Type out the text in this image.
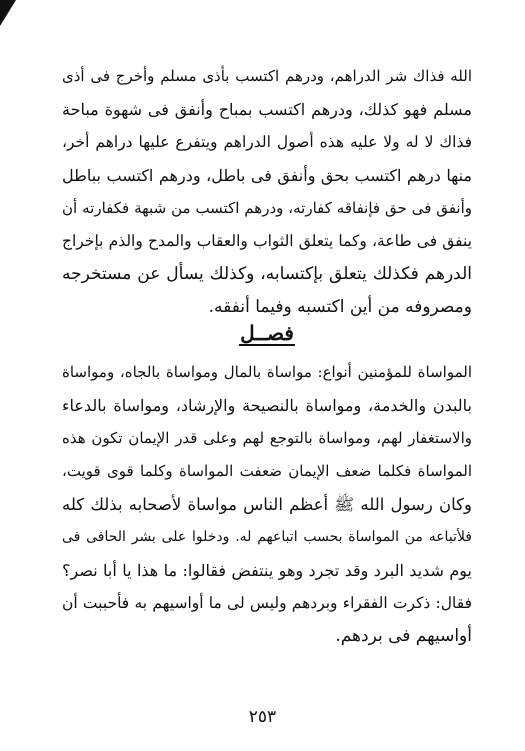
الله فذاك شر الدراهم، ودرهم اكتسب بأذى مسلم وأخرج فى أذى
مسلم فهو كذلك، ودرهم اكتسب بمباح وأنفق فى شهوة مباحة
فذاك لا له ولا عليه هذه أصول الدراهم ويتفرع عليها دراهم أخر،
منها درهم اكتسب بحق وأنفق فى باطل، ودرهم اكتسب بباطل
وأنفق فى حق فإنفاقه كفارته، ودرهم اكتسب من شبهة فكفارته أن
ينفق فى طاعة، وكما يتعلق الثواب والعقاب والمدح والذم بإخراج
الدرهم فكذلك يتعلق بإكتسابه، وكذلك يسأل عن مستخرجه
ومصروفه من أين اكتسبه وفيما أنفقه.
فصــل
المواساة للمؤمنين أنواع: مواساة بالمال ومواساة بالجاه، ومواساة
بالبدن والخدمة، ومواساة بالنصيحة والإرشاد، ومواساة بالدعاء
والاستغفار لهم، ومواساة بالتوجع لهم وعلى قدر الإيمان تكون هذه
المواساة فكلما ضعف الإيمان ضعفت المواساة وكلما قوى قويت،
وكان رسول الله ﷺ أعظم الناس مواساة لأصحابه بذلك كله
فلأتباعه من المواساة بحسب اتباعهم له. ودخلوا على بشر الحافى فى
يوم شديد البرد وقد تجرد وهو ينتفض فقالوا: ما هذا يا أبا نصر؟
فقال: ذكرت الفقراء وبردهم وليس لى ما أواسيهم به فأحببت أن
أواسيهم فى بردهم.
٢٥٣
